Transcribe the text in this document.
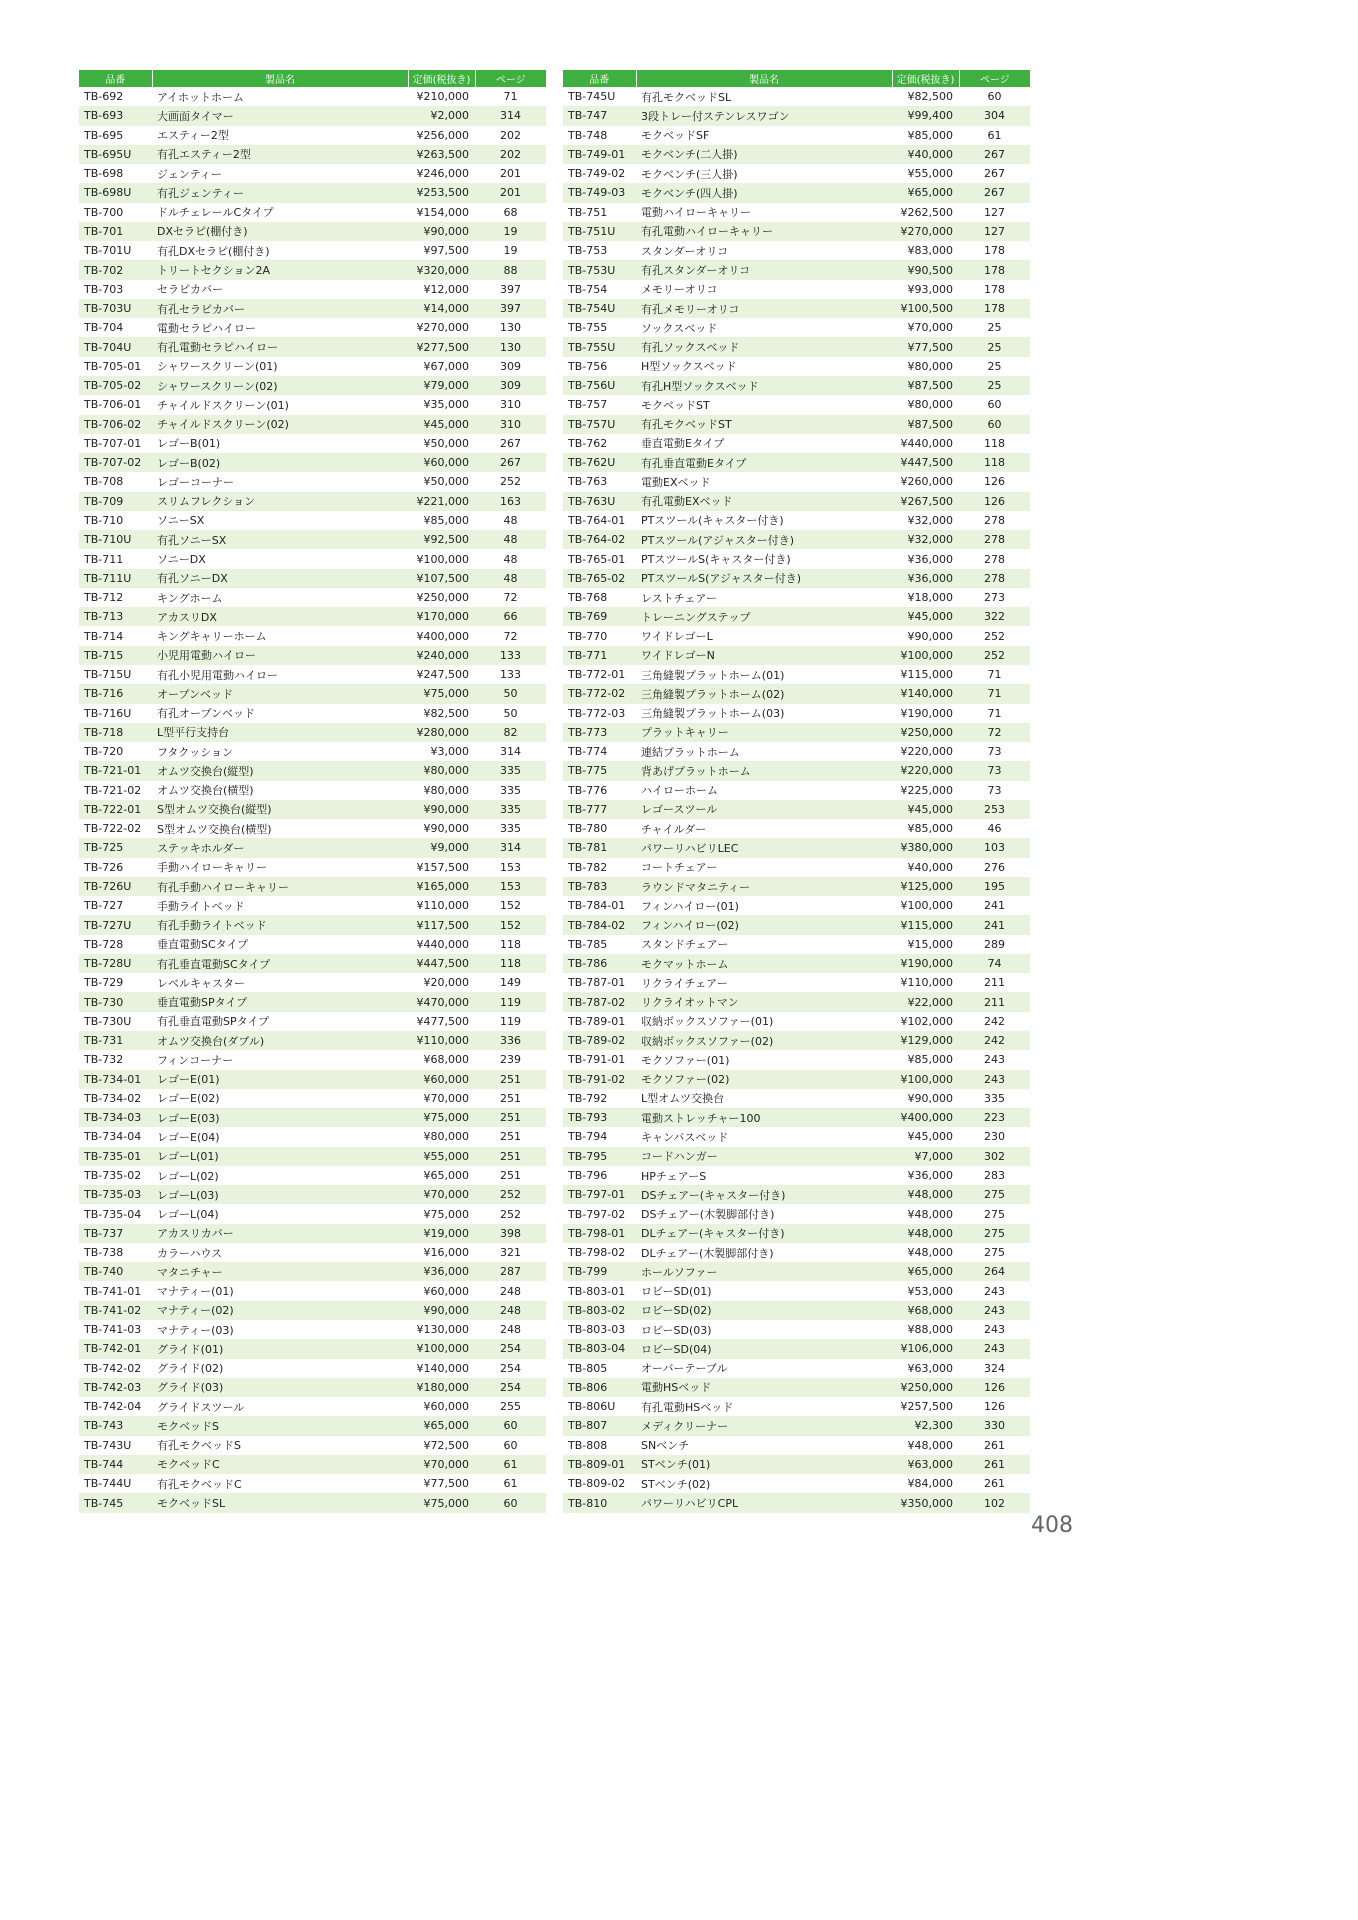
品番	製品名	定価(税抜き)	ページ
TB-692	アイホットホーム	¥210,000	71
TB-693	大画面タイマー	¥2,000	314
TB-695	エスティー2型	¥256,000	202
TB-695U	有孔エスティー2型	¥263,500	202
TB-698	ジェンティー	¥246,000	201
TB-698U	有孔ジェンティー	¥253,500	201
TB-700	ドルチェレールCタイプ	¥154,000	68
TB-701	DXセラピ(棚付き)	¥90,000	19
TB-701U	有孔DXセラピ(棚付き)	¥97,500	19
TB-702	トリートセクション2A	¥320,000	88
TB-703	セラピカバー	¥12,000	397
TB-703U	有孔セラピカバー	¥14,000	397
TB-704	電動セラピハイロー	¥270,000	130
TB-704U	有孔電動セラピハイロー	¥277,500	130
TB-705-01	シャワースクリーン(01)	¥67,000	309
TB-705-02	シャワースクリーン(02)	¥79,000	309
TB-706-01	チャイルドスクリーン(01)	¥35,000	310
TB-706-02	チャイルドスクリーン(02)	¥45,000	310
TB-707-01	レゴーB(01)	¥50,000	267
TB-707-02	レゴーB(02)	¥60,000	267
TB-708	レゴーコーナー	¥50,000	252
TB-709	スリムフレクション	¥221,000	163
TB-710	ソニーSX	¥85,000	48
TB-710U	有孔ソニーSX	¥92,500	48
TB-711	ソニーDX	¥100,000	48
TB-711U	有孔ソニーDX	¥107,500	48
TB-712	キングホーム	¥250,000	72
TB-713	アカスリDX	¥170,000	66
TB-714	キングキャリーホーム	¥400,000	72
TB-715	小児用電動ハイロー	¥240,000	133
TB-715U	有孔小児用電動ハイロー	¥247,500	133
TB-716	オープンベッド	¥75,000	50
TB-716U	有孔オープンベッド	¥82,500	50
TB-718	L型平行支持台	¥280,000	82
TB-720	フタクッション	¥3,000	314
TB-721-01	オムツ交換台(縦型)	¥80,000	335
TB-721-02	オムツ交換台(横型)	¥80,000	335
TB-722-01	S型オムツ交換台(縦型)	¥90,000	335
TB-722-02	S型オムツ交換台(横型)	¥90,000	335
TB-725	ステッキホルダー	¥9,000	314
TB-726	手動ハイローキャリー	¥157,500	153
TB-726U	有孔手動ハイローキャリー	¥165,000	153
TB-727	手動ライトベッド	¥110,000	152
TB-727U	有孔手動ライトベッド	¥117,500	152
TB-728	垂直電動SCタイプ	¥440,000	118
TB-728U	有孔垂直電動SCタイプ	¥447,500	118
TB-729	レベルキャスター	¥20,000	149
TB-730	垂直電動SPタイプ	¥470,000	119
TB-730U	有孔垂直電動SPタイプ	¥477,500	119
TB-731	オムツ交換台(ダブル)	¥110,000	336
TB-732	フィンコーナー	¥68,000	239
TB-734-01	レゴーE(01)	¥60,000	251
TB-734-02	レゴーE(02)	¥70,000	251
TB-734-03	レゴーE(03)	¥75,000	251
TB-734-04	レゴーE(04)	¥80,000	251
TB-735-01	レゴーL(01)	¥55,000	251
TB-735-02	レゴーL(02)	¥65,000	251
TB-735-03	レゴーL(03)	¥70,000	252
TB-735-04	レゴーL(04)	¥75,000	252
TB-737	アカスリカバー	¥19,000	398
TB-738	カラーハウス	¥16,000	321
TB-740	マタニチャー	¥36,000	287
TB-741-01	マナティー(01)	¥60,000	248
TB-741-02	マナティー(02)	¥90,000	248
TB-741-03	マナティー(03)	¥130,000	248
TB-742-01	グライド(01)	¥100,000	254
TB-742-02	グライド(02)	¥140,000	254
TB-742-03	グライド(03)	¥180,000	254
TB-742-04	グライドスツール	¥60,000	255
TB-743	モクベッドS	¥65,000	60
TB-743U	有孔モクベッドS	¥72,500	60
TB-744	モクベッドC	¥70,000	61
TB-744U	有孔モクベッドC	¥77,500	61
TB-745	モクベッドSL	¥75,000	60
品番	製品名	定価(税抜き)	ページ
TB-745U	有孔モクベッドSL	¥82,500	60
TB-747	3段トレー付ステンレスワゴン	¥99,400	304
TB-748	モクベッドSF	¥85,000	61
TB-749-01	モクベンチ(二人掛)	¥40,000	267
TB-749-02	モクベンチ(三人掛)	¥55,000	267
TB-749-03	モクベンチ(四人掛)	¥65,000	267
TB-751	電動ハイローキャリー	¥262,500	127
TB-751U	有孔電動ハイローキャリー	¥270,000	127
TB-753	スタンダーオリコ	¥83,000	178
TB-753U	有孔スタンダーオリコ	¥90,500	178
TB-754	メモリーオリコ	¥93,000	178
TB-754U	有孔メモリーオリコ	¥100,500	178
TB-755	ソックスベッド	¥70,000	25
TB-755U	有孔ソックスベッド	¥77,500	25
TB-756	H型ソックスベッド	¥80,000	25
TB-756U	有孔H型ソックスベッド	¥87,500	25
TB-757	モクベッドST	¥80,000	60
TB-757U	有孔モクベッドST	¥87,500	60
TB-762	垂直電動Eタイプ	¥440,000	118
TB-762U	有孔垂直電動Eタイプ	¥447,500	118
TB-763	電動EXベッド	¥260,000	126
TB-763U	有孔電動EXベッド	¥267,500	126
TB-764-01	PTスツール(キャスター付き)	¥32,000	278
TB-764-02	PTスツール(アジャスター付き)	¥32,000	278
TB-765-01	PTスツールS(キャスター付き)	¥36,000	278
TB-765-02	PTスツールS(アジャスター付き)	¥36,000	278
TB-768	レストチェアー	¥18,000	273
TB-769	トレーニングステップ	¥45,000	322
TB-770	ワイドレゴーL	¥90,000	252
TB-771	ワイドレゴーN	¥100,000	252
TB-772-01	三角縫製プラットホーム(01)	¥115,000	71
TB-772-02	三角縫製プラットホーム(02)	¥140,000	71
TB-772-03	三角縫製プラットホーム(03)	¥190,000	71
TB-773	プラットキャリー	¥250,000	72
TB-774	連結プラットホーム	¥220,000	73
TB-775	背あげプラットホーム	¥220,000	73
TB-776	ハイローホーム	¥225,000	73
TB-777	レゴースツール	¥45,000	253
TB-780	チャイルダー	¥85,000	46
TB-781	パワーリハビリLEC	¥380,000	103
TB-782	コートチェアー	¥40,000	276
TB-783	ラウンドマタニティー	¥125,000	195
TB-784-01	フィンハイロー(01)	¥100,000	241
TB-784-02	フィンハイロー(02)	¥115,000	241
TB-785	スタンドチェアー	¥15,000	289
TB-786	モクマットホーム	¥190,000	74
TB-787-01	リクライチェアー	¥110,000	211
TB-787-02	リクライオットマン	¥22,000	211
TB-789-01	収納ボックスソファー(01)	¥102,000	242
TB-789-02	収納ボックスソファー(02)	¥129,000	242
TB-791-01	モクソファー(01)	¥85,000	243
TB-791-02	モクソファー(02)	¥100,000	243
TB-792	L型オムツ交換台	¥90,000	335
TB-793	電動ストレッチャー100	¥400,000	223
TB-794	キャンバスベッド	¥45,000	230
TB-795	コードハンガー	¥7,000	302
TB-796	HPチェアーS	¥36,000	283
TB-797-01	DSチェアー(キャスター付き)	¥48,000	275
TB-797-02	DSチェアー(木製脚部付き)	¥48,000	275
TB-798-01	DLチェアー(キャスター付き)	¥48,000	275
TB-798-02	DLチェアー(木製脚部付き)	¥48,000	275
TB-799	ホールソファー	¥65,000	264
TB-803-01	ロビーSD(01)	¥53,000	243
TB-803-02	ロビーSD(02)	¥68,000	243
TB-803-03	ロビーSD(03)	¥88,000	243
TB-803-04	ロビーSD(04)	¥106,000	243
TB-805	オーバーテーブル	¥63,000	324
TB-806	電動HSベッド	¥250,000	126
TB-806U	有孔電動HSベッド	¥257,500	126
TB-807	メディクリーナー	¥2,300	330
TB-808	SNベンチ	¥48,000	261
TB-809-01	STベンチ(01)	¥63,000	261
TB-809-02	STベンチ(02)	¥84,000	261
TB-810	パワーリハビリCPL	¥350,000	102
408
